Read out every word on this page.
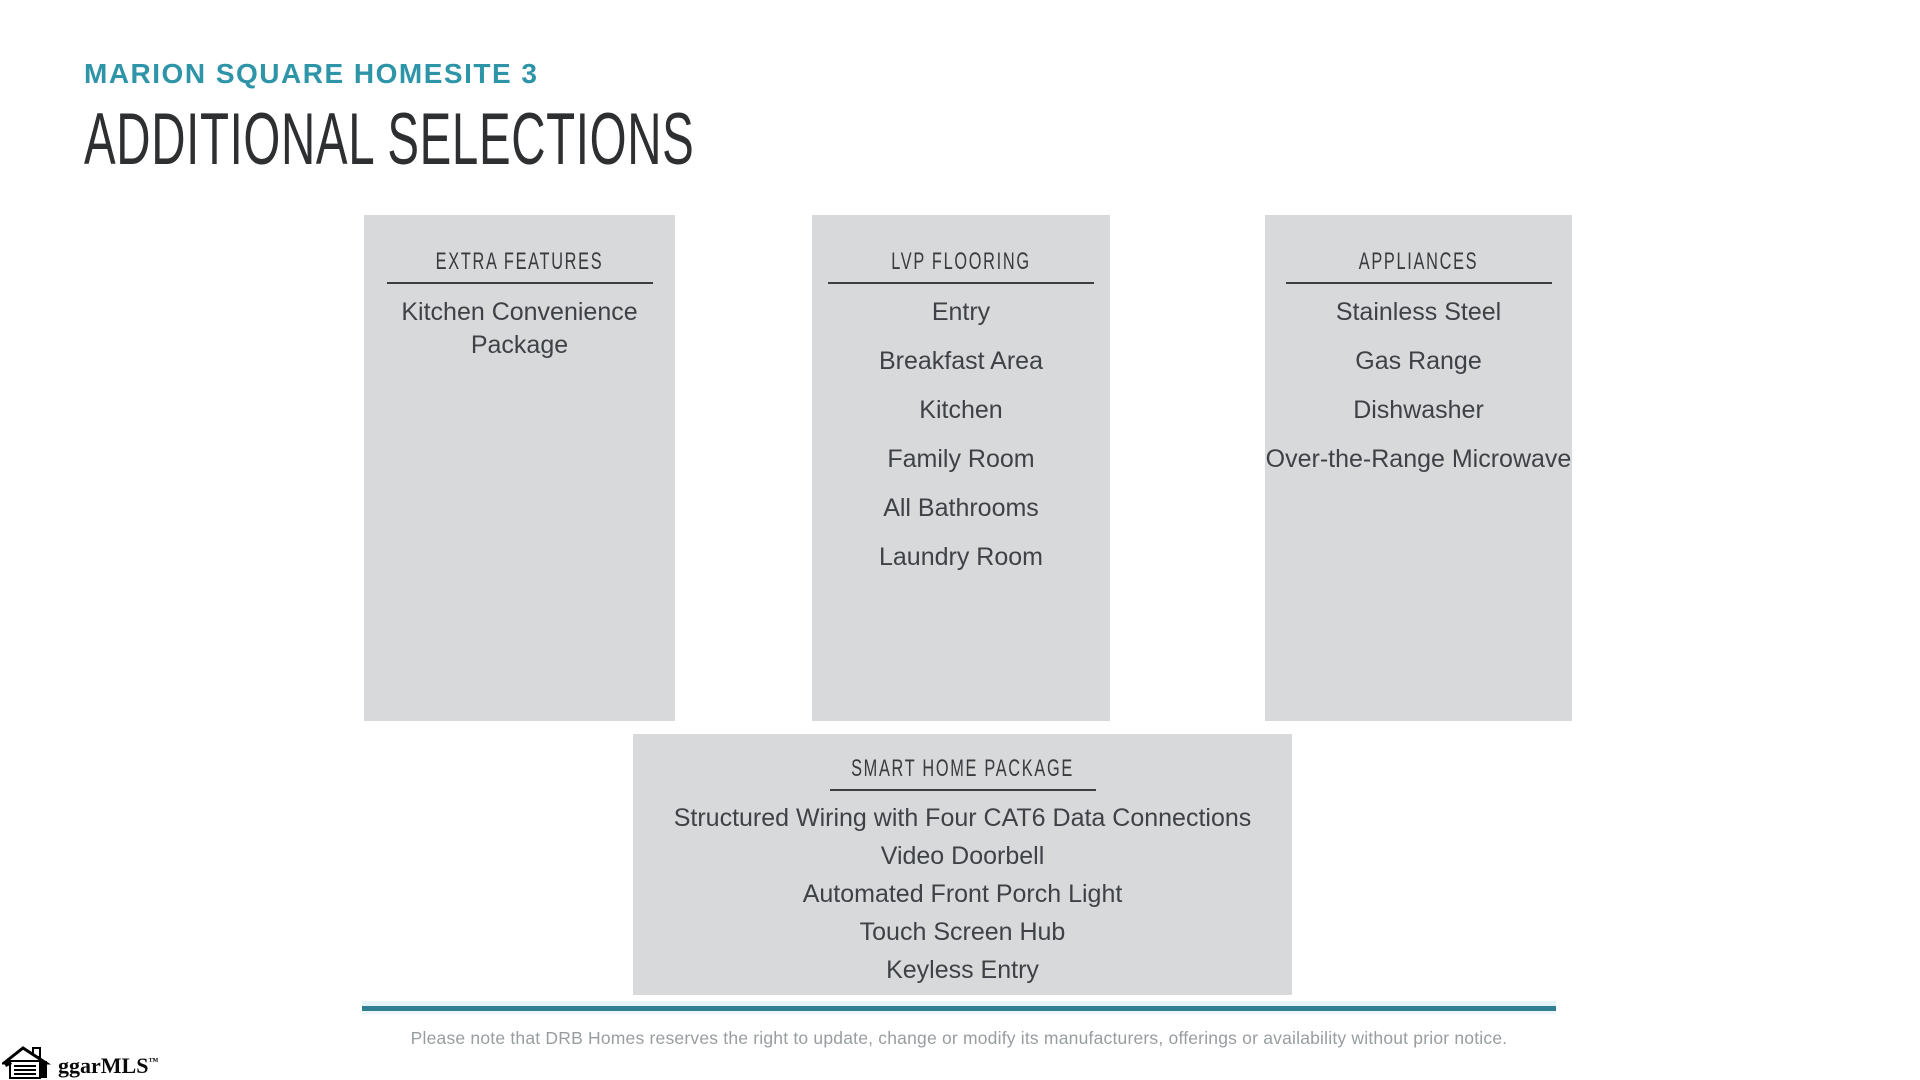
MARION SQUARE HOMESITE 3
ADDITIONAL SELECTIONS
EXTRA FEATURES
Kitchen Convenience Package
LVP FLOORING
Entry
Breakfast Area
Kitchen
Family Room
All Bathrooms
Laundry Room
APPLIANCES
Stainless Steel
Gas Range
Dishwasher
Over-the-Range Microwave
SMART HOME PACKAGE
Structured Wiring with Four CAT6 Data Connections
Video Doorbell
Automated Front Porch Light
Touch Screen Hub
Keyless Entry
Please note that DRB Homes reserves the right to update, change or modify its manufacturers, offerings or availability without prior notice.
ggarMLS™
